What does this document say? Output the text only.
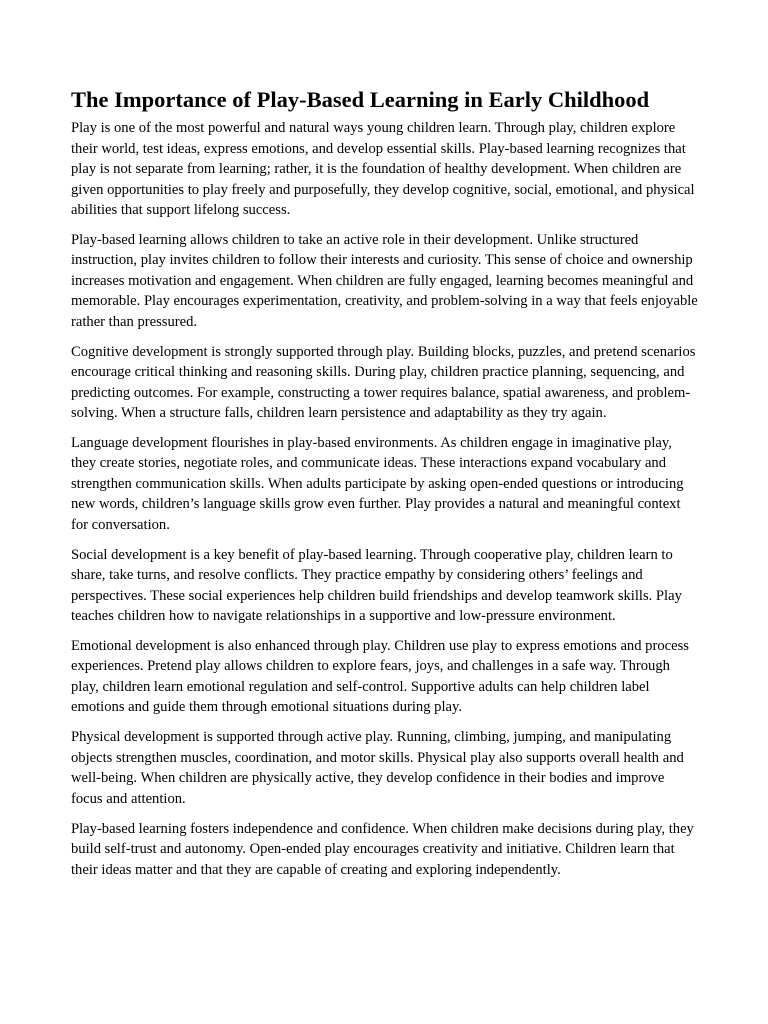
The Importance of Play-Based Learning in Early Childhood

Play is one of the most powerful and natural ways young children learn. Through play, children explore their world, test ideas, express emotions, and develop essential skills. Play-based learning recognizes that play is not separate from learning; rather, it is the foundation of healthy development. When children are given opportunities to play freely and purposefully, they develop cognitive, social, emotional, and physical abilities that support lifelong success.

Play-based learning allows children to take an active role in their development. Unlike structured instruction, play invites children to follow their interests and curiosity. This sense of choice and ownership increases motivation and engagement. When children are fully engaged, learning becomes meaningful and memorable. Play encourages experimentation, creativity, and problem-solving in a way that feels enjoyable rather than pressured.

Cognitive development is strongly supported through play. Building blocks, puzzles, and pretend scenarios encourage critical thinking and reasoning skills. During play, children practice planning, sequencing, and predicting outcomes. For example, constructing a tower requires balance, spatial awareness, and problem-solving. When a structure falls, children learn persistence and adaptability as they try again.

Language development flourishes in play-based environments. As children engage in imaginative play, they create stories, negotiate roles, and communicate ideas. These interactions expand vocabulary and strengthen communication skills. When adults participate by asking open-ended questions or introducing new words, children’s language skills grow even further. Play provides a natural and meaningful context for conversation.

Social development is a key benefit of play-based learning. Through cooperative play, children learn to share, take turns, and resolve conflicts. They practice empathy by considering others’ feelings and perspectives. These social experiences help children build friendships and develop teamwork skills. Play teaches children how to navigate relationships in a supportive and low-pressure environment.

Emotional development is also enhanced through play. Children use play to express emotions and process experiences. Pretend play allows children to explore fears, joys, and challenges in a safe way. Through play, children learn emotional regulation and self-control. Supportive adults can help children label emotions and guide them through emotional situations during play.

Physical development is supported through active play. Running, climbing, jumping, and manipulating objects strengthen muscles, coordination, and motor skills. Physical play also supports overall health and well-being. When children are physically active, they develop confidence in their bodies and improve focus and attention.

Play-based learning fosters independence and confidence. When children make decisions during play, they build self-trust and autonomy. Open-ended play encourages creativity and initiative. Children learn that their ideas matter and that they are capable of creating and exploring independently.
